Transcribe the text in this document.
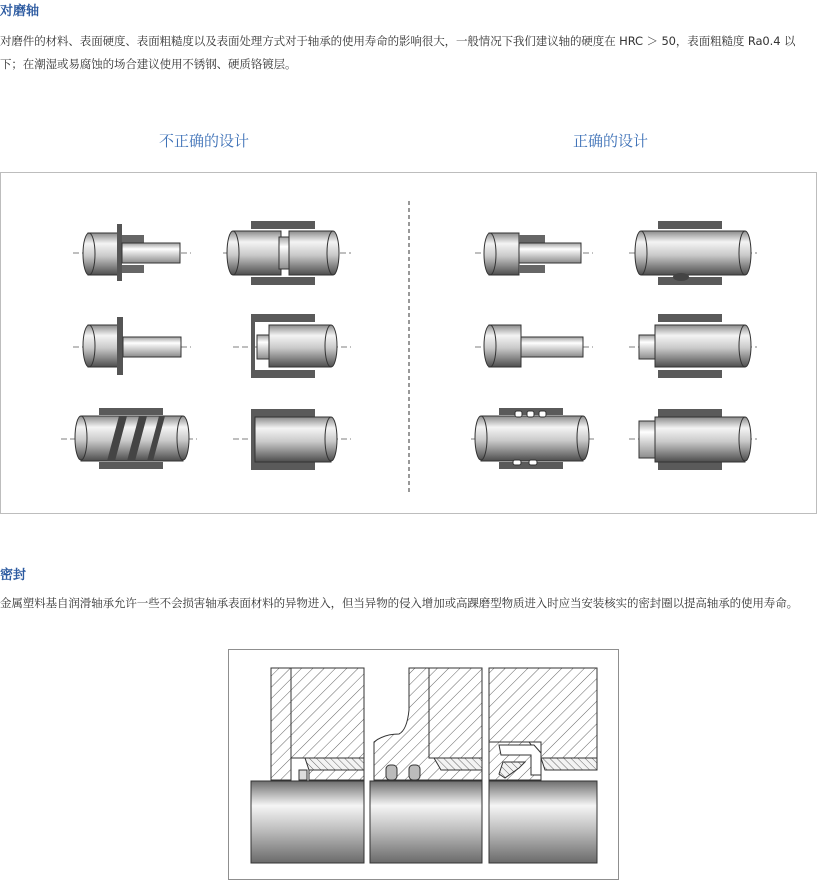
对磨轴

对磨件的材料、表面硬度、表面粗糙度以及表面处理方式对于轴承的使用寿命的影响很大，一般情况下我们建议轴的硬度在 HRC ＞ 50，表面粗糙度 Ra0.4 以下；在潮湿或易腐蚀的场合建议使用不锈钢、硬质铬镀层。

不正确的设计	正确的设计
密封

金属塑料基自润滑轴承允许一些不会损害轴承表面材料的异物进入，但当异物的侵入增加或高踝磨型物质进入时应当安装核实的密封圈以提高轴承的使用寿命。
